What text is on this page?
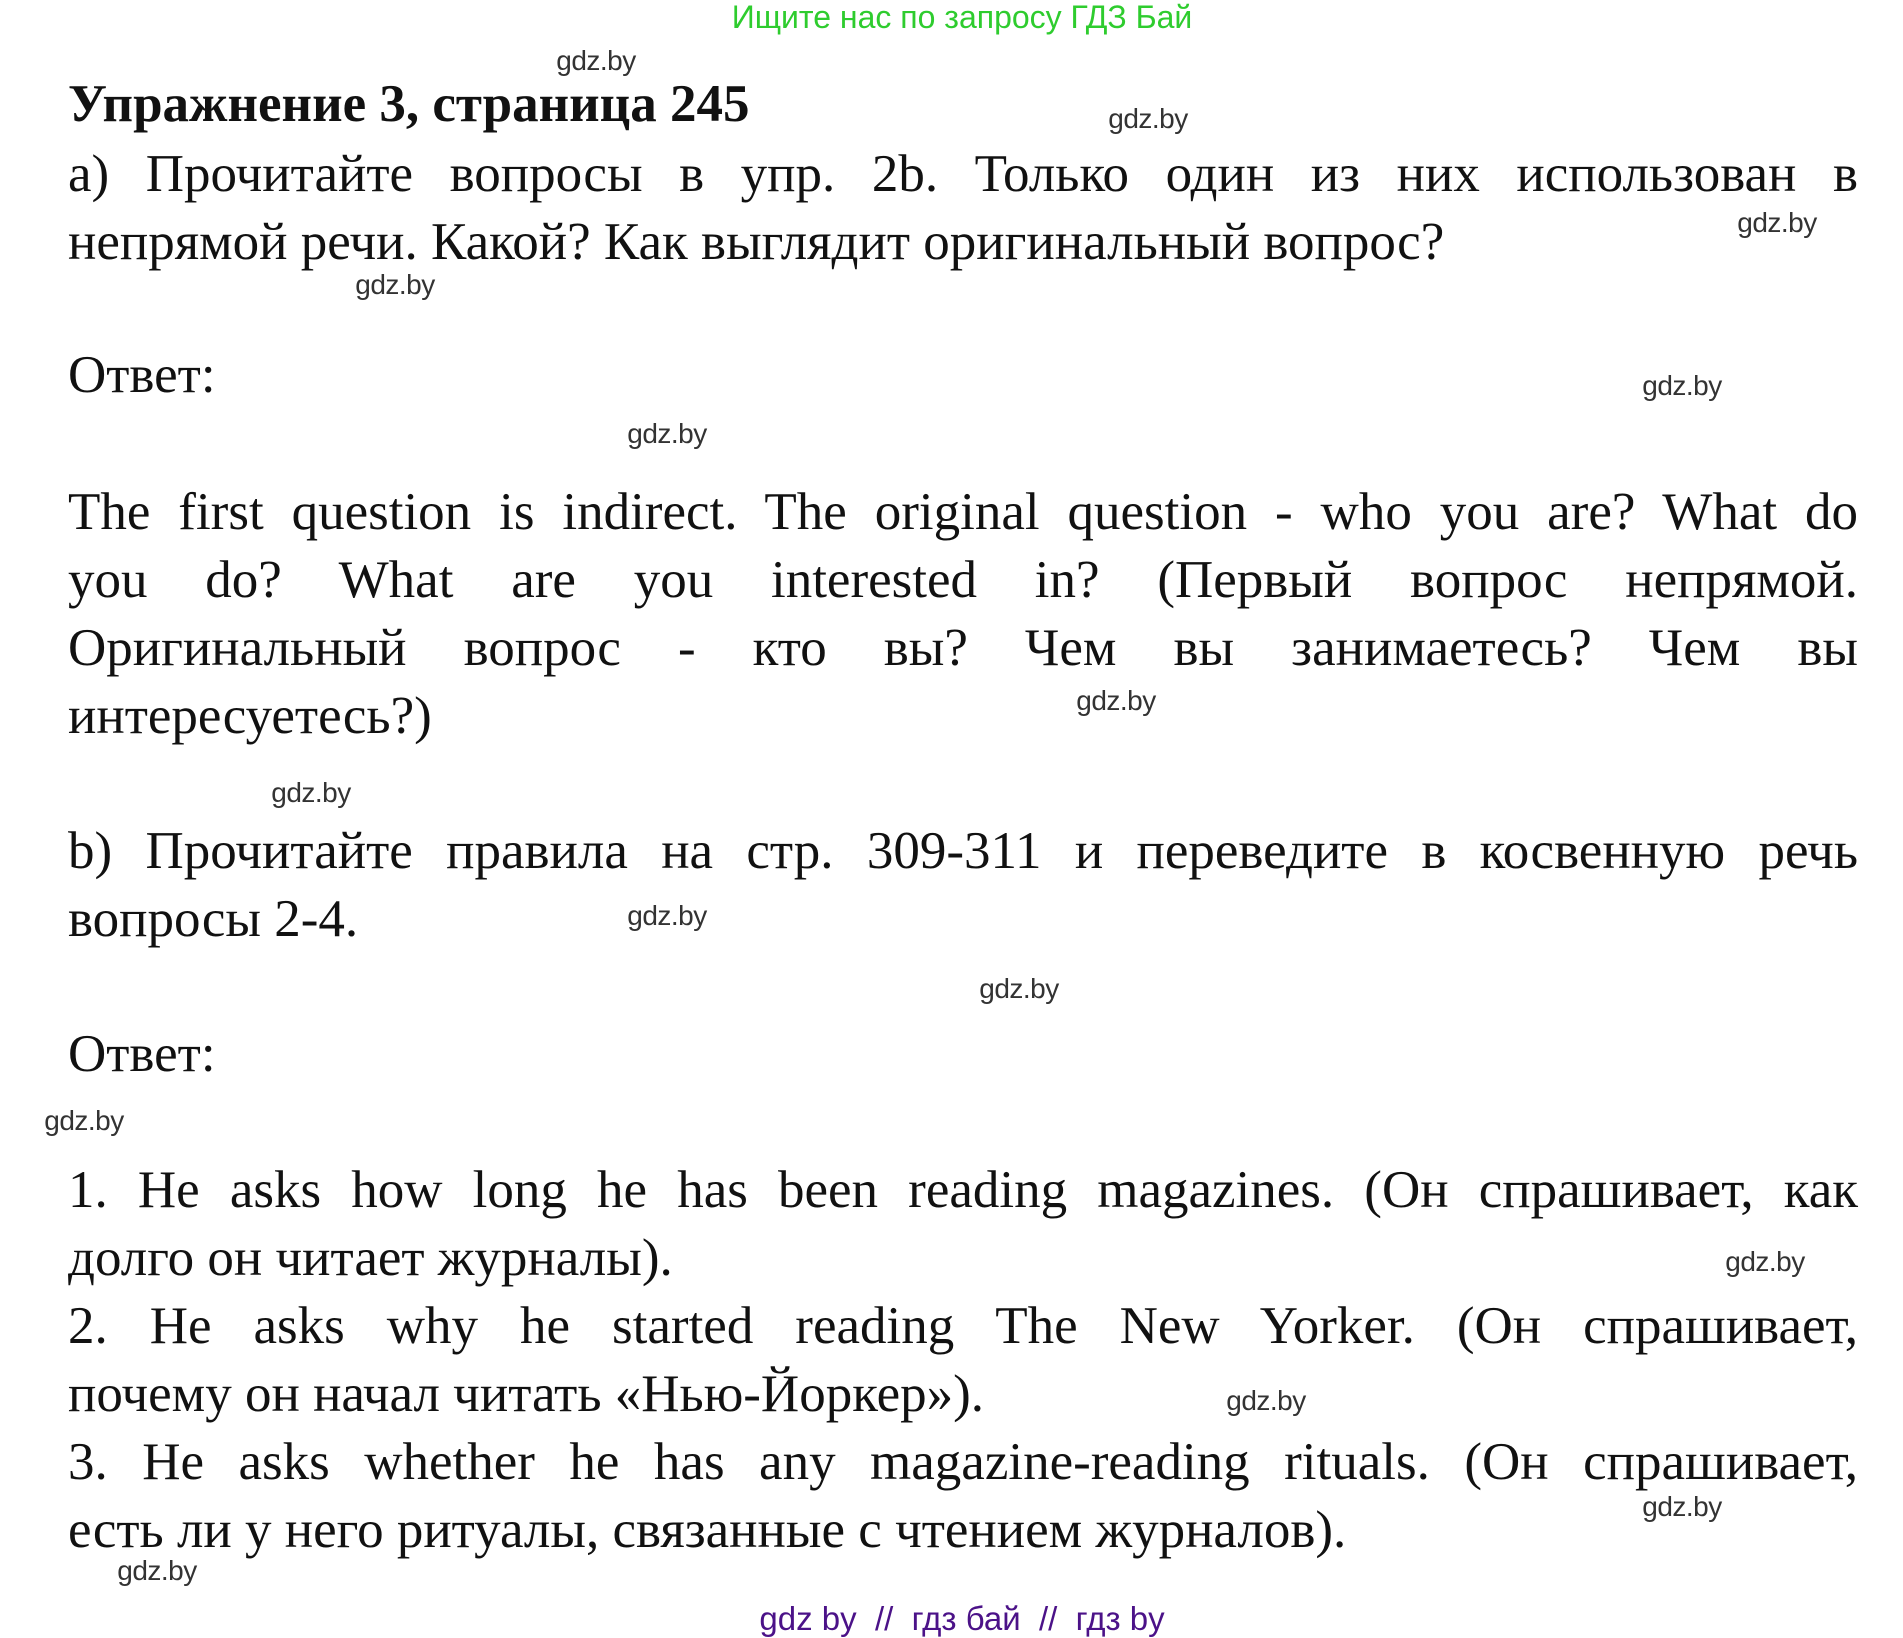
Ищите нас по запросу ГДЗ Бай
Упражнение 3, страница 245
а) Прочитайте вопросы в упр. 2b. Только один из них использован в
непрямой речи. Какой? Как выглядит оригинальный вопрос?
Ответ:
The first question is indirect. The original question - who you are? What do
you do? What are you interested in? (Первый вопрос непрямой.
Оригинальный вопрос - кто вы? Чем вы занимаетесь? Чем вы
интересуетесь?)
b) Прочитайте правила на стр. 309-311 и переведите в косвенную речь
вопросы 2-4.
Ответ:
1. He asks how long he has been reading magazines. (Он спрашивает, как
долго он читает журналы).
2. He asks why he started reading The New Yorker. (Он спрашивает,
почему он начал читать «Нью-Йоркер»).
3. He asks whether he has any magazine-reading rituals. (Он спрашивает,
есть ли у него ритуалы, связанные с чтением журналов).
gdz.by
gdz.by
gdz.by
gdz.by
gdz.by
gdz.by
gdz.by
gdz.by
gdz.by
gdz.by
gdz.by
gdz.by
gdz.by
gdz.by
gdz.by
gdz by  //  гдз бай  //  гдз by
